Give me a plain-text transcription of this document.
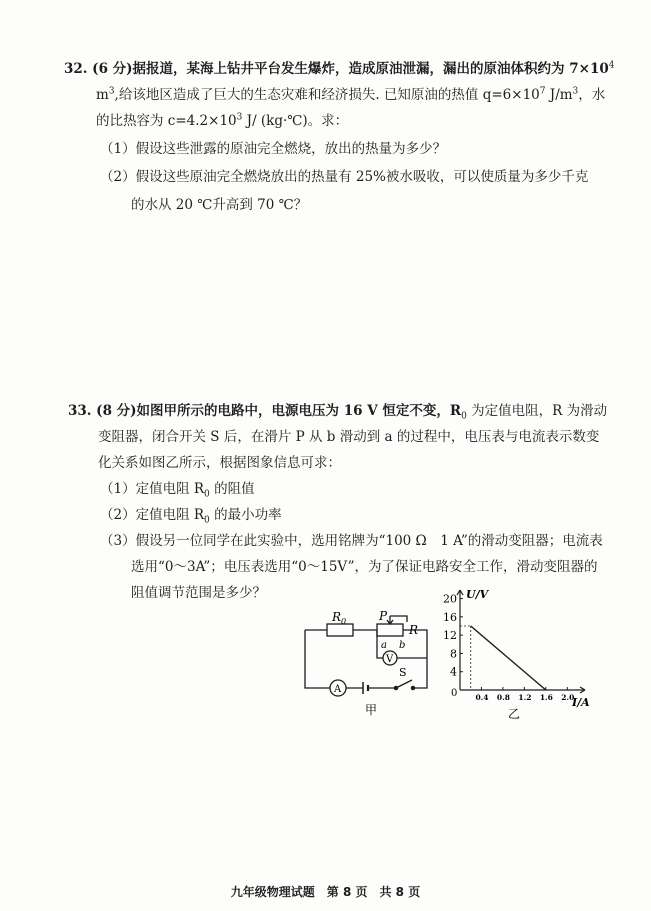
32. (6 分)据报道，某海上钻井平台发生爆炸，造成原油泄漏，漏出的原油体积约为 $7\times 10^4$
$m^3$,给该地区造成了巨大的生态灾难和经济损失. 已知原油的热值 $q=6\times 10^7$ $J/m^3$，水
的比热容为 $c=4.2\times 10^3$ J/ (kg·℃)。求：
（1）假设这些泄露的原油完全燃烧，放出的热量为多少？
（2）假设这些原油完全燃烧放出的热量有 25%被水吸收，可以使质量为多少千克
的水从 20 ℃升高到 70 ℃？
33. (8 分)如图甲所示的电路中，电源电压为 16 V 恒定不变，$R_0$ 为定值电阻，R 为滑动
变阻器，闭合开关 S 后，在滑片 P 从 b 滑动到 a 的过程中，电压表与电流表示数变
化关系如图乙所示，根据图象信息可求：
（1）定值电阻 $R_0$ 的阻值
（2）定值电阻 $R_0$ 的最小功率
（3）假设另一位同学在此实验中，选用铭牌为“100 Ω　1 A”的滑动变阻器；电流表
选用“0～3A”；电压表选用“0～15V”，为了保证电路安全工作，滑动变阻器的
阻值调节范围是多少？
$R_0$	P
R
a b
V
A
S
甲
0.4 0.8 1.2 1.6 2.0
4
8
12
16
20 U/V
I/A
0
乙
九年级物理试题　第 8 页　共 8 页
